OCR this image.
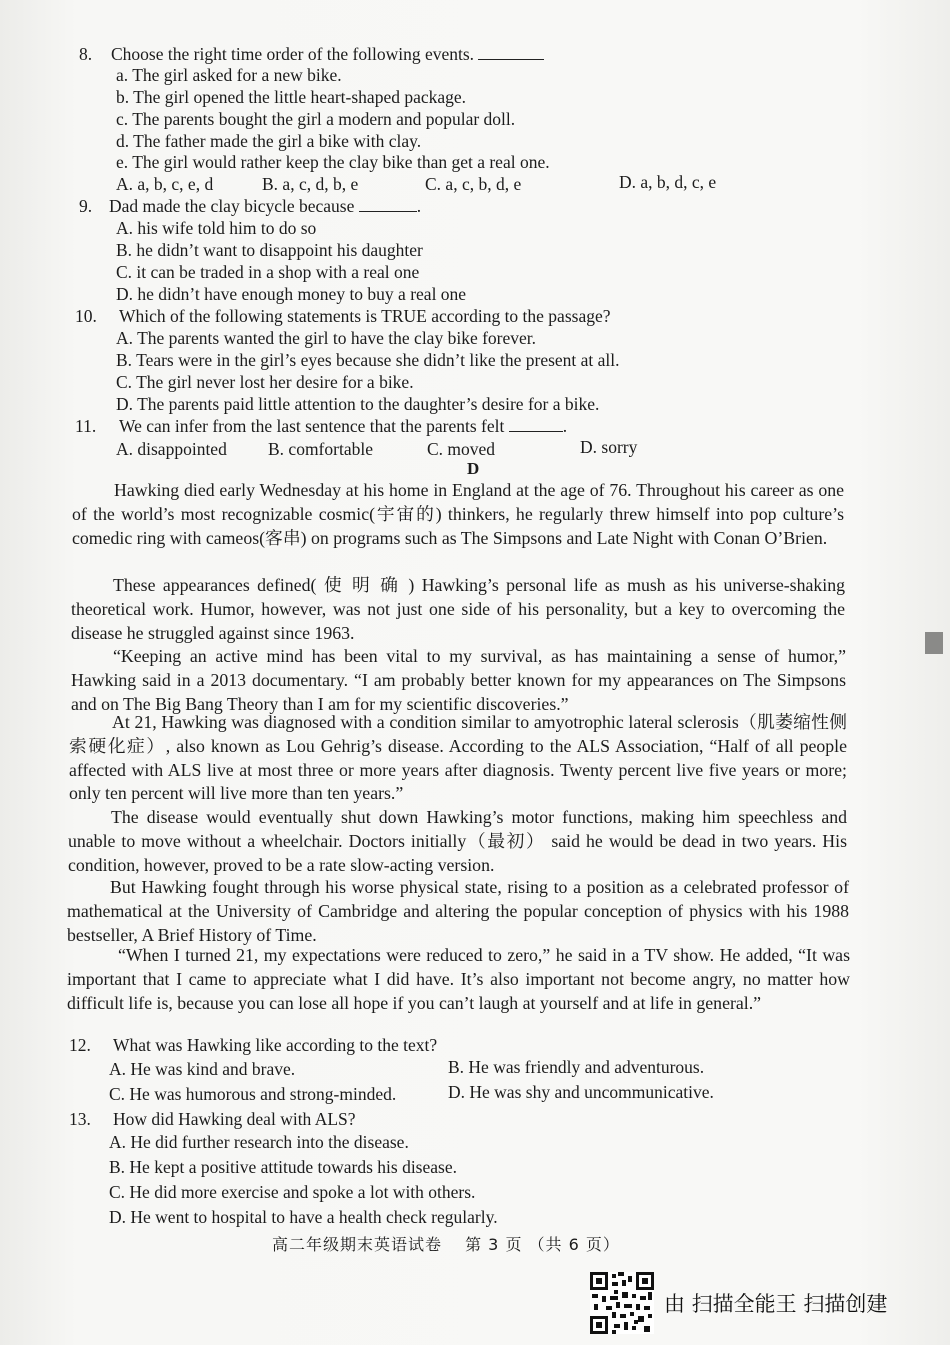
8. Choose the right time order of the following events.
a. The girl asked for a new bike.
b. The girl opened the little heart-shaped package.
c. The parents bought the girl a modern and popular doll.
d. The father made the girl a bike with clay.
e. The girl would rather keep the clay bike than get a real one.
A. a, b, c, e, d	B. a, c, d, b, e	C. a, c, b, d, e	D. a, b, d, c, e
9. Dad made the clay bicycle because	.
A. his wife told him to do so
B. he didn’t want to disappoint his daughter
C. it can be traded in a shop with a real one
D. he didn’t have enough money to buy a real one
10. Which of the following statements is TRUE according to the passage?
A. The parents wanted the girl to have the clay bike forever.
B. Tears were in the girl’s eyes because she didn’t like the present at all.
C. The girl never lost her desire for a bike.
D. The parents paid little attention to the daughter’s desire for a bike.
11. We can infer from the last sentence that the parents felt	.
A. disappointed B. comfortable	C. moved	D. sorry
D
Hawking died early Wednesday at his home in England at the age of 76. Throughout his career as one of the world’s most recognizable cosmic(宇宙的) thinkers, he regularly threw himself into pop culture’s comedic ring with cameos(客串) on programs such as The Simpsons and Late Night with Conan O’Brien.
These appearances defined( 使 明 确 ) Hawking’s personal life as mush as his universe-shaking theoretical work. Humor, however, was not just one side of his personality, but a key to overcoming the disease he struggled against since 1963.
“Keeping an active mind has been vital to my survival, as has maintaining a sense of humor,” Hawking said in a 2013 documentary. “I am probably better known for my appearances on The Simpsons and on The Big Bang Theory than I am for my scientific discoveries.”
At 21, Hawking was diagnosed with a condition similar to amyotrophic lateral sclerosis（肌萎缩性侧索硬化症）, also known as Lou Gehrig’s disease. According to the ALS Association, “Half of all people affected with ALS live at most three or more years after diagnosis. Twenty percent live five years or more; only ten percent will live more than ten years.”
The disease would eventually shut down Hawking’s motor functions, making him speechless and unable to move without a wheelchair. Doctors initially（最初） said he would be dead in two years. His condition, however, proved to be a rate slow-acting version.
But Hawking fought through his worse physical state, rising to a position as a celebrated professor of mathematical at the University of Cambridge and altering the popular conception of physics with his 1988 bestseller, A Brief History of Time.
“When I turned 21, my expectations were reduced to zero,” he said in a TV show. He added, “It was important that I came to appreciate what I did have. It’s also important not become angry, no matter how difficult life is, because you can lose all hope if you can’t laugh at yourself and at life in general.”
12. What was Hawking like according to the text?
A. He was kind and brave.	B. He was friendly and adventurous.
C. He was humorous and strong-minded.	D. He was shy and uncommunicative.
13. How did Hawking deal with ALS?
A. He did further research into the disease.
B. He kept a positive attitude towards his disease.
C. He did more exercise and spoke a lot with others.
D. He went to hospital to have a health check regularly.
高二年级期末英语试卷　 第 3 页 （共 6 页）
由 扫描全能王 扫描创建
